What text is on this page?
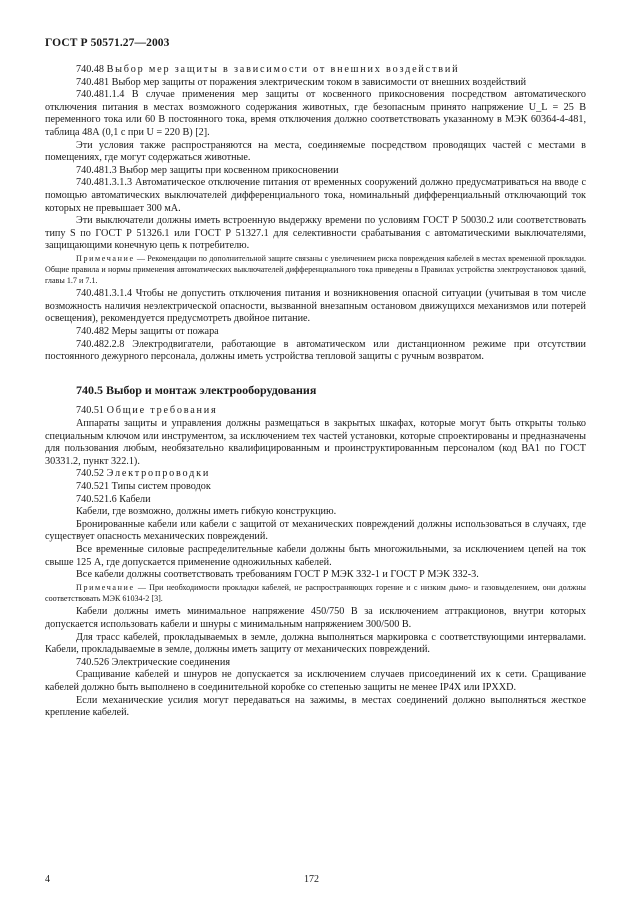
ГОСТ Р 50571.27—2003

740.48 Выбор мер защиты в зависимости от внешних воздействий

740.481 Выбор мер защиты от поражения электрическим током в зависимости от внешних воздействий

740.481.1.4 В случае применения мер защиты от косвенного прикосновения посредством автоматического отключения питания в местах возможного содержания животных, где безопасным принято напряжение U_L = 25 В переменного тока или 60 В постоянного тока, время отключения должно соответствовать указанному в МЭК 60364-4-481, таблица 48А (0,1 с при U = 220 В) [2].

Эти условия также распространяются на места, соединяемые посредством проводящих частей с местами в помещениях, где могут содержаться животные.

740.481.3 Выбор мер защиты при косвенном прикосновении

740.481.3.1.3 Автоматическое отключение питания от временных сооружений должно предусматриваться на вводе с помощью автоматических выключателей дифференциального тока, номинальный дифференциальный отключающий ток которых не превышает 300 мА.

Эти выключатели должны иметь встроенную выдержку времени по условиям ГОСТ Р 50030.2 или соответствовать типу S по ГОСТ Р 51326.1 или ГОСТ Р 51327.1 для селективности срабатывания с автоматическими выключателями, защищающими конечную цепь к потребителю.

Примечание — Рекомендации по дополнительной защите связаны с увеличением риска повреждения кабелей в местах временной прокладки. Общие правила и нормы применения автоматических выключателей дифференциального тока приведены в Правилах устройства электроустановок зданий, главы 1.7 и 7.1.

740.481.3.1.4 Чтобы не допустить отключения питания и возникновения опасной ситуации (учитывая в том числе возможность наличия неэлектрической опасности, вызванной внезапным остановом движущихся механизмов или потерей освещения), рекомендуется предусмотреть двойное питание.

740.482 Меры защиты от пожара

740.482.2.8 Электродвигатели, работающие в автоматическом или дистанционном режиме при отсутствии постоянного дежурного персонала, должны иметь устройства тепловой защиты с ручным возвратом.

740.5 Выбор и монтаж электрооборудования

740.51 Общие требования

Аппараты защиты и управления должны размещаться в закрытых шкафах, которые могут быть открыты только специальным ключом или инструментом, за исключением тех частей установки, которые спроектированы и предназначены для пользования любым, необязательно квалифицированным и проинструктированным персоналом (код ВА1 по ГОСТ 30331.2, пункт 322.1).

740.52 Электропроводки

740.521 Типы систем проводок

740.521.6 Кабели

Кабели, где возможно, должны иметь гибкую конструкцию.

Бронированные кабели или кабели с защитой от механических повреждений должны использоваться в случаях, где существует опасность механических повреждений.

Все временные силовые распределительные кабели должны быть многожильными, за исключением цепей на ток свыше 125 А, где допускается применение одножильных кабелей.

Все кабели должны соответствовать требованиям ГОСТ Р МЭК 332-1 и ГОСТ Р МЭК 332-3.

Примечание — При необходимости прокладки кабелей, не распространяющих горение и с низким дымо- и газовыделением, они должны соответствовать МЭК 61034-2 [3].

Кабели должны иметь минимальное напряжение 450/750 В за исключением аттракционов, внутри которых допускается использовать кабели и шнуры с минимальным напряжением 300/500 В.

Для трасс кабелей, прокладываемых в земле, должна выполняться маркировка с соответствующими интервалами. Кабели, прокладываемые в земле, должны иметь защиту от механических повреждений.

740.526 Электрические соединения

Сращивание кабелей и шнуров не допускается за исключением случаев присоединений их к сети. Сращивание кабелей должно быть выполнено в соединительной коробке со степенью защиты не менее IP4X или IPXXD.

Если механические усилия могут передаваться на зажимы, в местах соединений должно выполняться жесткое крепление кабелей.

4	172
